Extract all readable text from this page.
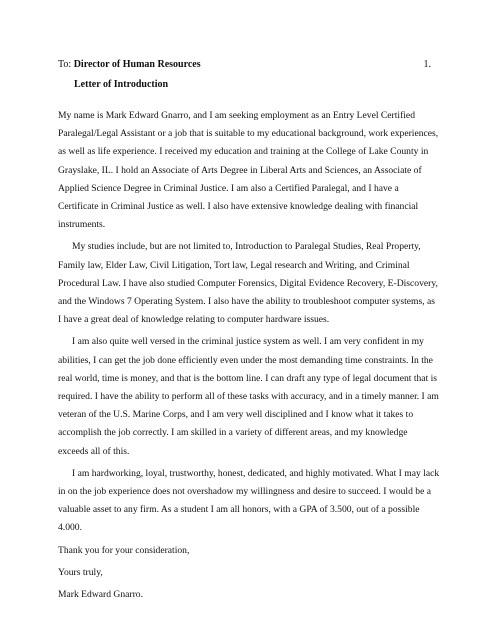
To: Director of Human Resources	1.
Letter of Introduction

My name is Mark Edward Gnarro, and I am seeking employment as an Entry Level Certified Paralegal/Legal Assistant or a job that is suitable to my educational background, work experiences, as well as life experience. I received my education and training at the College of Lake County in Grayslake, IL. I hold an Associate of Arts Degree in Liberal Arts and Sciences, an Associate of Applied Science Degree in Criminal Justice. I am also a Certified Paralegal, and I have a Certificate in Criminal Justice as well. I also have extensive knowledge dealing with financial instruments.

My studies include, but are not limited to, Introduction to Paralegal Studies, Real Property, Family law, Elder Law, Civil Litigation, Tort law, Legal research and Writing, and Criminal Procedural Law. I have also studied Computer Forensics, Digital Evidence Recovery, E-Discovery, and the Windows 7 Operating System. I also have the ability to troubleshoot computer systems, as I have a great deal of knowledge relating to computer hardware issues.

I am also quite well versed in the criminal justice system as well. I am very confident in my abilities, I can get the job done efficiently even under the most demanding time constraints. In the real world, time is money, and that is the bottom line. I can draft any type of legal document that is required. I have the ability to perform all of these tasks with accuracy, and in a timely manner. I am veteran of the U.S. Marine Corps, and I am very well disciplined and I know what it takes to accomplish the job correctly. I am skilled in a variety of different areas, and my knowledge exceeds all of this.

I am hardworking, loyal, trustworthy, honest, dedicated, and highly motivated. What I may lack in on the job experience does not overshadow my willingness and desire to succeed. I would be a valuable asset to any firm. As a student I am all honors, with a GPA of 3.500, out of a possible 4.000.

Thank you for your consideration,

Yours truly,

Mark Edward Gnarro.
